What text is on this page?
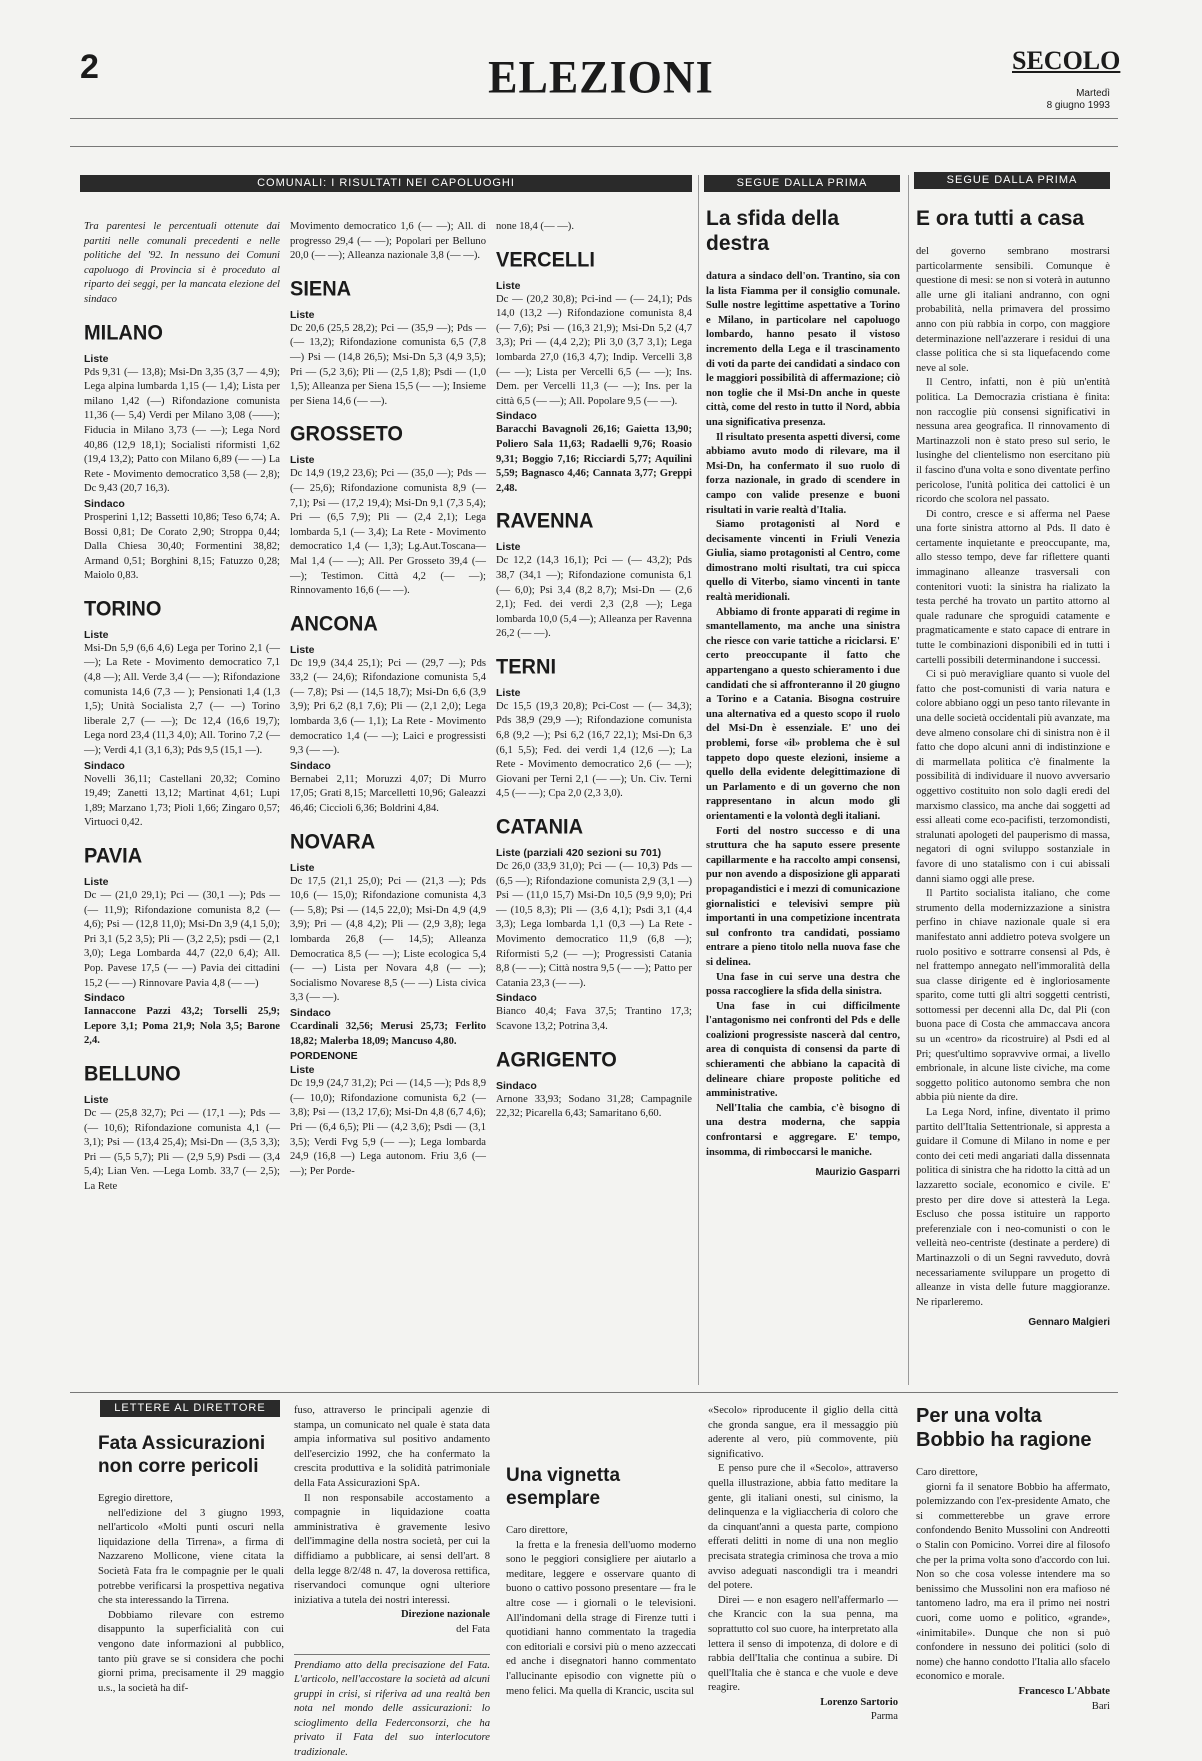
2	ELEZIONI	SECOLO
Martedì
8 giugno 1993
COMUNALI: I RISULTATI NEI CAPOLUOGHI

Tra parentesi le percentuali ottenute dai partiti nelle comunali precedenti e nelle politiche del '92. In nessuno dei Comuni capoluogo di Provincia si è proceduto al riparto dei seggi, per la mancata elezione del sindaco

MILANO
Liste

Pds 9,31 (— 13,8); Msi-Dn 3,35 (3,7 — 4,9); Lega alpina lumbarda 1,15 (— 1,4); Lista per milano 1,42 (—) Rifondazione comunista 11,36 (— 5,4) Verdi per Milano 3,08 (——); Fiducia in Milano 3,73 (— —); Lega Nord 40,86 (12,9 18,1); Socialisti riformisti 1,62 (19,4 13,2); Patto con Milano 6,89 (— —) La Rete - Movimento democratico 3,58 (— 2,8); Dc 9,43 (20,7 16,3).

Sindaco

Prosperini 1,12; Bassetti 10,86; Teso 6,74; A. Bossi 0,81; De Corato 2,90; Stroppa 0,44; Dalla Chiesa 30,40; Formentini 38,82; Armand 0,51; Borghini 8,15; Fatuzzo 0,28; Maiolo 0,83.

TORINO
Liste

Msi-Dn 5,9 (6,6 4,6) Lega per Torino 2,1 (— —); La Rete - Movimento democratico 7,1 (4,8 —); All. Verde 3,4 (— —); Rifondazione comunista 14,6 (7,3 — ); Pensionati 1,4 (1,3 1,5); Unità Socialista 2,7 (— —) Torino liberale 2,7 (— —); Dc 12,4 (16,6 19,7); Lega nord 23,4 (11,3 4,0); All. Torino 7,2 (— —); Verdi 4,1 (3,1 6,3); Pds 9,5 (15,1 —).

Sindaco

Novelli 36,11; Castellani 20,32; Comino 19,49; Zanetti 13,12; Martinat 4,61; Lupi 1,89; Marzano 1,73; Pioli 1,66; Zingaro 0,57; Virtuoci 0,42.

PAVIA
Liste

Dc — (21,0 29,1); Pci — (30,1 —); Pds — (— 11,9); Rifondazione comunista 8,2 (— 4,6); Psi — (12,8 11,0); Msi-Dn 3,9 (4,1 5,0); Pri 3,1 (5,2 3,5); Pli — (3,2 2,5); psdi — (2,1 3,0); Lega Lombarda 44,7 (22,0 6,4); All. Pop. Pavese 17,5 (— —) Pavia dei cittadini 15,2 (— —) Rinnovare Pavia 4,8 (— —)

Sindaco

Iannaccone Pazzi 43,2; Torselli 25,9; Lepore 3,1; Poma 21,9; Nola 3,5; Barone 2,4.

BELLUNO
Liste

Dc — (25,8 32,7); Pci — (17,1 —); Pds — (— 10,6); Rifondazione comunista 4,1 (— 3,1); Psi — (13,4 25,4); Msi-Dn — (3,5 3,3); Pri — (5,5 5,7); Pli — (2,9 5,9) Psdi — (3,4 5,4); Lian Ven. —Lega Lomb. 33,7 (— 2,5); La Rete

Movimento democratico 1,6 (— —); All. di progresso 29,4 (— —); Popolari per Belluno 20,0 (— —); Alleanza nazionale 3,8 (— —).

SIENA
Liste

Dc 20,6 (25,5 28,2); Pci — (35,9 —); Pds — (— 13,2); Rifondazione comunista 6,5 (7,8 —) Psi — (14,8 26,5); Msi-Dn 5,3 (4,9 3,5); Pri — (5,2 3,6); Pli — (2,5 1,8); Psdi — (1,0 1,5); Alleanza per Siena 15,5 (— —); Insieme per Siena 14,6 (— —).

GROSSETO
Liste

Dc 14,9 (19,2 23,6); Pci — (35,0 —); Pds — (— 25,6); Rifondazione comunista 8,9 (— 7,1); Psi — (17,2 19,4); Msi-Dn 9,1 (7,3 5,4); Pri — (6,5 7,9); Pli — (2,4 2,1); Lega lombarda 5,1 (— 3,4); La Rete - Movimento democratico 1,4 (— 1,3); Lg.Aut.Toscana—Mal 1,4 (— —); All. Per Grosseto 39,4 (— —); Testimon. Città 4,2 (— —); Rinnovamento 16,6 (— —).

ANCONA
Liste

Dc 19,9 (34,4 25,1); Pci — (29,7 —); Pds 33,2 (— 24,6); Rifondazione comunista 5,4 (— 7,8); Psi — (14,5 18,7); Msi-Dn 6,6 (3,9 3,9); Pri 6,2 (8,1 7,6); Pli — (2,1 2,0); Lega lombarda 3,6 (— 1,1); La Rete - Movimento democratico 1,4 (— —); Laici e progressisti 9,3 (— —).

Sindaco

Bernabei 2,11; Moruzzi 4,07; Di Murro 17,05; Grati 8,15; Marcelletti 10,96; Galeazzi 46,46; Ciccioli 6,36; Boldrini 4,84.

NOVARA
Liste

Dc 17,5 (21,1 25,0); Pci — (21,3 —); Pds 10,6 (— 15,0); Rifondazione comunista 4,3 (— 5,8); Psi — (14,5 22,0); Msi-Dn 4,9 (4,9 3,9); Pri — (4,8 4,2); Pli — (2,9 3,8); lega lombarda 26,8 (— 14,5); Alleanza Democratica 8,5 (— —); Liste ecologica 5,4 (— —) Lista per Novara 4,8 (— —); Socialismo Novarese 8,5 (— —) Lista civica 3,3 (— —).

Sindaco

Ccardinali 32,56; Merusi 25,73; Ferlito 18,82; Malerba 18,09; Mancuso 4,80.

PORDENONE
Liste

Dc 19,9 (24,7 31,2); Pci — (14,5 —); Pds 8,9 (— 10,0); Rifondazione comunista 6,2 (— 3,8); Psi — (13,2 17,6); Msi-Dn 4,8 (6,7 4,6); Pri — (6,4 6,5); Pli — (4,2 3,6); Psdi — (3,1 3,5); Verdi Fvg 5,9 (— —); Lega lombarda 24,9 (16,8 —) Lega autonom. Friu 3,6 (— —); Per Porde-

none 18,4 (— —).

VERCELLI
Liste

Dc — (20,2 30,8); Pci-ind — (— 24,1); Pds 14,0 (13,2 —) Rifondazione comunista 8,4 (— 7,6); Psi — (16,3 21,9); Msi-Dn 5,2 (4,7 3,3); Pri — (4,4 2,2); Pli 3,0 (3,7 3,1); Lega lombarda 27,0 (16,3 4,7); Indip. Vercelli 3,8 (— —); Lista per Vercelli 6,5 (— —); Ins. Dem. per Vercelli 11,3 (— —); Ins. per la città 6,5 (— —); All. Popolare 9,5 (— —).

Sindaco

Baracchi Bavagnoli 26,16; Gaietta 13,90; Poliero Sala 11,63; Radaelli 9,76; Roasio 9,31; Boggio 7,16; Ricciardi 5,77; Aquilini 5,59; Bagnasco 4,46; Cannata 3,77; Greppi 2,48.

RAVENNA
Liste

Dc 12,2 (14,3 16,1); Pci — (— 43,2); Pds 38,7 (34,1 —); Rifondazione comunista 6,1 (— 6,0); Psi 3,4 (8,2 8,7); Msi-Dn — (2,6 2,1); Fed. dei verdi 2,3 (2,8 —); Lega lombarda 10,0 (5,4 —); Alleanza per Ravenna 26,2 (— —).

TERNI
Liste

Dc 15,5 (19,3 20,8); Pci-Cost — (— 34,3); Pds 38,9 (29,9 —); Rifondazione comunista 6,8 (9,2 —); Psi 6,2 (16,7 22,1); Msi-Dn 6,3 (6,1 5,5); Fed. dei verdi 1,4 (12,6 —); La Rete - Movimento democratico 2,6 (— —); Giovani per Terni 2,1 (— —); Un. Civ. Terni 4,5 (— —); Cpa 2,0 (2,3 3,0).

CATANIA
Liste (parziali 420 sezioni su 701)

Dc 26,0 (33,9 31,0); Pci — (— 10,3) Pds — (6,5 —); Rifondazione comunista 2,9 (3,1 —) Psi — (11,0 15,7) Msi-Dn 10,5 (9,9 9,0); Pri — (10,5 8,3); Pli — (3,6 4,1); Psdi 3,1 (4,4 3,3); Lega lombarda 1,1 (0,3 —) La Rete - Movimento democratico 11,9 (6,8 —); Riformisti 5,2 (— —); Progressisti Catania 8,8 (— —); Città nostra 9,5 (— —); Patto per Catania 23,3 (— —).

Sindaco

Bianco 40,4; Fava 37,5; Trantino 17,3; Scavone 13,2; Potrina 3,4.

AGRIGENTO
Sindaco

Arnone 33,93; Sodano 31,28; Campagnile 22,32; Picarella 6,43; Samaritano 6,60.

SEGUE DALLA PRIMA
La sfida della destra

datura a sindaco dell'on. Trantino, sia con la lista Fiamma per il consiglio comunale. Sulle nostre legittime aspettative a Torino e Milano, in particolare nel capoluogo lombardo, hanno pesato il vistoso incremento della Lega e il trascinamento di voti da parte dei candidati a sindaco con le maggiori possibilità di affermazione; ciò non toglie che il Msi-Dn anche in queste città, come del resto in tutto il Nord, abbia una significativa presenza.

Il risultato presenta aspetti diversi, come abbiamo avuto modo di rilevare, ma il Msi-Dn, ha confermato il suo ruolo di forza nazionale, in grado di scendere in campo con valide presenze e buoni risultati in varie realtà d'Italia.

Siamo protagonisti al Nord e decisamente vincenti in Friuli Venezia Giulia, siamo protagonisti al Centro, come dimostrano molti risultati, tra cui spicca quello di Viterbo, siamo vincenti in tante realtà meridionali.

Abbiamo di fronte apparati di regime in smantellamento, ma anche una sinistra che riesce con varie tattiche a riciclarsi. E' certo preoccupante il fatto che appartengano a questo schieramento i due candidati che si affronteranno il 20 giugno a Torino e a Catania. Bisogna costruire una alternativa ed a questo scopo il ruolo del Msi-Dn è essenziale. E' uno dei problemi, forse «il» problema che è sul tappeto dopo queste elezioni, insieme a quello della evidente delegittimazione di un Parlamento e di un governo che non rappresentano in alcun modo gli orientamenti e la volontà degli italiani.

Forti del nostro successo e di una struttura che ha saputo essere presente capillarmente e ha raccolto ampi consensi, pur non avendo a disposizione gli apparati propagandistici e i mezzi di comunicazione giornalistici e televisivi sempre più importanti in una competizione incentrata sul confronto tra candidati, possiamo entrare a pieno titolo nella nuova fase che si delinea.

Una fase in cui serve una destra che possa raccogliere la sfida della sinistra.

Una fase in cui difficilmente l'antagonismo nei confronti del Pds e delle coalizioni progressiste nascerà dal centro, area di conquista di consensi da parte di schieramenti che abbiano la capacità di delineare chiare proposte politiche ed amministrative.

Nell'Italia che cambia, c'è bisogno di una destra moderna, che sappia confrontarsi e aggregare. E' tempo, insomma, di rimboccarsi le maniche.

Maurizio Gasparri
SEGUE DALLA PRIMA
E ora tutti a casa

del governo sembrano mostrarsi particolarmente sensibili. Comunque è questione di mesi: se non si voterà in autunno alle urne gli italiani andranno, con ogni probabilità, nella primavera del prossimo anno con più rabbia in corpo, con maggiore determinazione nell'azzerare i residui di una classe politica che si sta liquefacendo come neve al sole.

Il Centro, infatti, non è più un'entità politica. La Democrazia cristiana è finita: non raccoglie più consensi significativi in nessuna area geografica. Il rinnovamento di Martinazzoli non è stato preso sul serio, le lusinghe del clientelismo non esercitano più il fascino d'una volta e sono diventate perfino pericolose, l'unità politica dei cattolici è un ricordo che scolora nel passato.

Di contro, cresce e si afferma nel Paese una forte sinistra attorno al Pds. Il dato è certamente inquietante e preoccupante, ma, allo stesso tempo, deve far riflettere quanti immaginano alleanze trasversali con contenitori vuoti: la sinistra ha rializato la testa perché ha trovato un partito attorno al quale radunare che sproguidi catamente e pragmaticamente e stato capace di entrare in tutte le combinazioni disponibili ed in tutti i cartelli possibili determinandone i successi.

Ci si può meravigliare quanto si vuole del fatto che post-comunisti di varia natura e colore abbiano oggi un peso tanto rilevante in una delle società occidentali più avanzate, ma deve almeno consolare chi di sinistra non è il fatto che dopo alcuni anni di indistinzione e di marmellata politica c'è finalmente la possibilità di individuare il nuovo avversario oggettivo costituito non solo dagli eredi del marxismo classico, ma anche dai soggetti ad essi alleati come eco-pacifisti, terzomondisti, stralunati apologeti del pauperismo di massa, negatori di ogni sviluppo sostanziale in favore di uno statalismo con i cui abissali danni siamo oggi alle prese.

Il Partito socialista italiano, che come strumento della modernizzazione a sinistra perfino in chiave nazionale quale si era manifestato anni addietro poteva svolgere un ruolo positivo e sottrarre consensi al Pds, è nel frattempo annegato nell'immoralità della sua classe dirigente ed è ingloriosamente sparito, come tutti gli altri soggetti centristi, sottomessi per decenni alla Dc, dal Pli (con buona pace di Costa che ammaccava ancora su un «centro» da ricostruire) al Psdi ed al Pri; quest'ultimo sopravvive ormai, a livello embrionale, in alcune liste civiche, ma come soggetto politico autonomo sembra che non abbia più niente da dire.

La Lega Nord, infine, diventato il primo partito dell'Italia Settentrionale, si appresta a guidare il Comune di Milano in nome e per conto dei ceti medi angariati dalla dissennata politica di sinistra che ha ridotto la città ad un lazzaretto sociale, economico e civile. E' presto per dire dove si attesterà la Lega. Escluso che possa istituire un rapporto preferenziale con i neo-comunisti o con le velleità neo-centriste (destinate a perdere) di Martinazzoli o di un Segni ravveduto, dovrà necessariamente sviluppare un progetto di alleanze in vista delle future maggioranze. Ne riparleremo.

Gennaro Malgieri
LETTERE AL DIRETTORE
Fata Assicurazioni non corre pericoli

Egregio direttore,

nell'edizione del 3 giugno 1993, nell'articolo «Molti punti oscuri nella liquidazione della Tirrena», a firma di Nazzareno Mollicone, viene citata la Società Fata fra le compagnie per le quali potrebbe verificarsi la prospettiva negativa che sta interessando la Tirrena.

Dobbiamo rilevare con estremo disappunto la superficialità con cui vengono date informazioni al pubblico, tanto più grave se si considera che pochi giorni prima, precisamente il 29 maggio u.s., la società ha dif-

fuso, attraverso le principali agenzie di stampa, un comunicato nel quale è stata data ampia informativa sul positivo andamento dell'esercizio 1992, che ha confermato la crescita produttiva e la solidità patrimoniale della Fata Assicurazioni SpA.

Il non responsabile accostamento a compagnie in liquidazione coatta amministrativa è gravemente lesivo dell'immagine della nostra società, per cui la diffidiamo a pubblicare, ai sensi dell'art. 8 della legge 8/2/48 n. 47, la doverosa rettifica, riservandoci comunque ogni ulteriore iniziativa a tutela dei nostri interessi.

Direzione nazionale
del Fata

Prendiamo atto della precisazione del Fata. L'articolo, nell'accostare la società ad alcuni gruppi in crisi, si riferiva ad una realtà ben nota nel mondo delle assicurazioni: lo scioglimento della Federconsorzi, che ha privato il Fata del suo interlocutore tradizionale.

Una vignetta esemplare

Caro direttore,

la fretta e la frenesia dell'uomo moderno sono le peggiori consigliere per aiutarlo a meditare, leggere e osservare quanto di buono o cattivo possono presentare — fra le altre cose — i giornali o le televisioni. All'indomani della strage di Firenze tutti i quotidiani hanno commentato la tragedia con editoriali e corsivi più o meno azzeccati ed anche i disegnatori hanno commentato l'allucinante episodio con vignette più o meno felici. Ma quella di Krancic, uscita sul

«Secolo» riproducente il giglio della città che gronda sangue, era il messaggio più aderente al vero, più commovente, più significativo.

E penso pure che il «Secolo», attraverso quella illustrazione, abbia fatto meditare la gente, gli italiani onesti, sul cinismo, la delinquenza e la vigliaccheria di coloro che da cinquant'anni a questa parte, compiono efferati delitti in nome di una non meglio precisata strategia criminosa che trova a mio avviso adeguati nascondigli tra i meandri del potere.

Direi — e non esagero nell'affermarlo — che Krancic con la sua penna, ma soprattutto col suo cuore, ha interpretato alla lettera il senso di impotenza, di dolore e di rabbia dell'Italia che continua a subire. Di quell'Italia che è stanca e che vuole e deve reagire.

Lorenzo Sartorio
Parma
Per una volta Bobbio ha ragione

Caro direttore,

giorni fa il senatore Bobbio ha affermato, polemizzando con l'ex-presidente Amato, che si commetterebbe un grave errore confondendo Benito Mussolini con Andreotti o Stalin con Pomicino. Vorrei dire al filosofo che per la prima volta sono d'accordo con lui. Non so che cosa volesse intendere ma so benissimo che Mussolini non era mafioso né tantomeno ladro, ma era il primo nei nostri cuori, come uomo e politico, «grande», «inimitabile». Dunque che non si può confondere in nessuno dei politici (solo di nome) che hanno condotto l'Italia allo sfacelo economico e morale.

Francesco L'Abbate
Bari
